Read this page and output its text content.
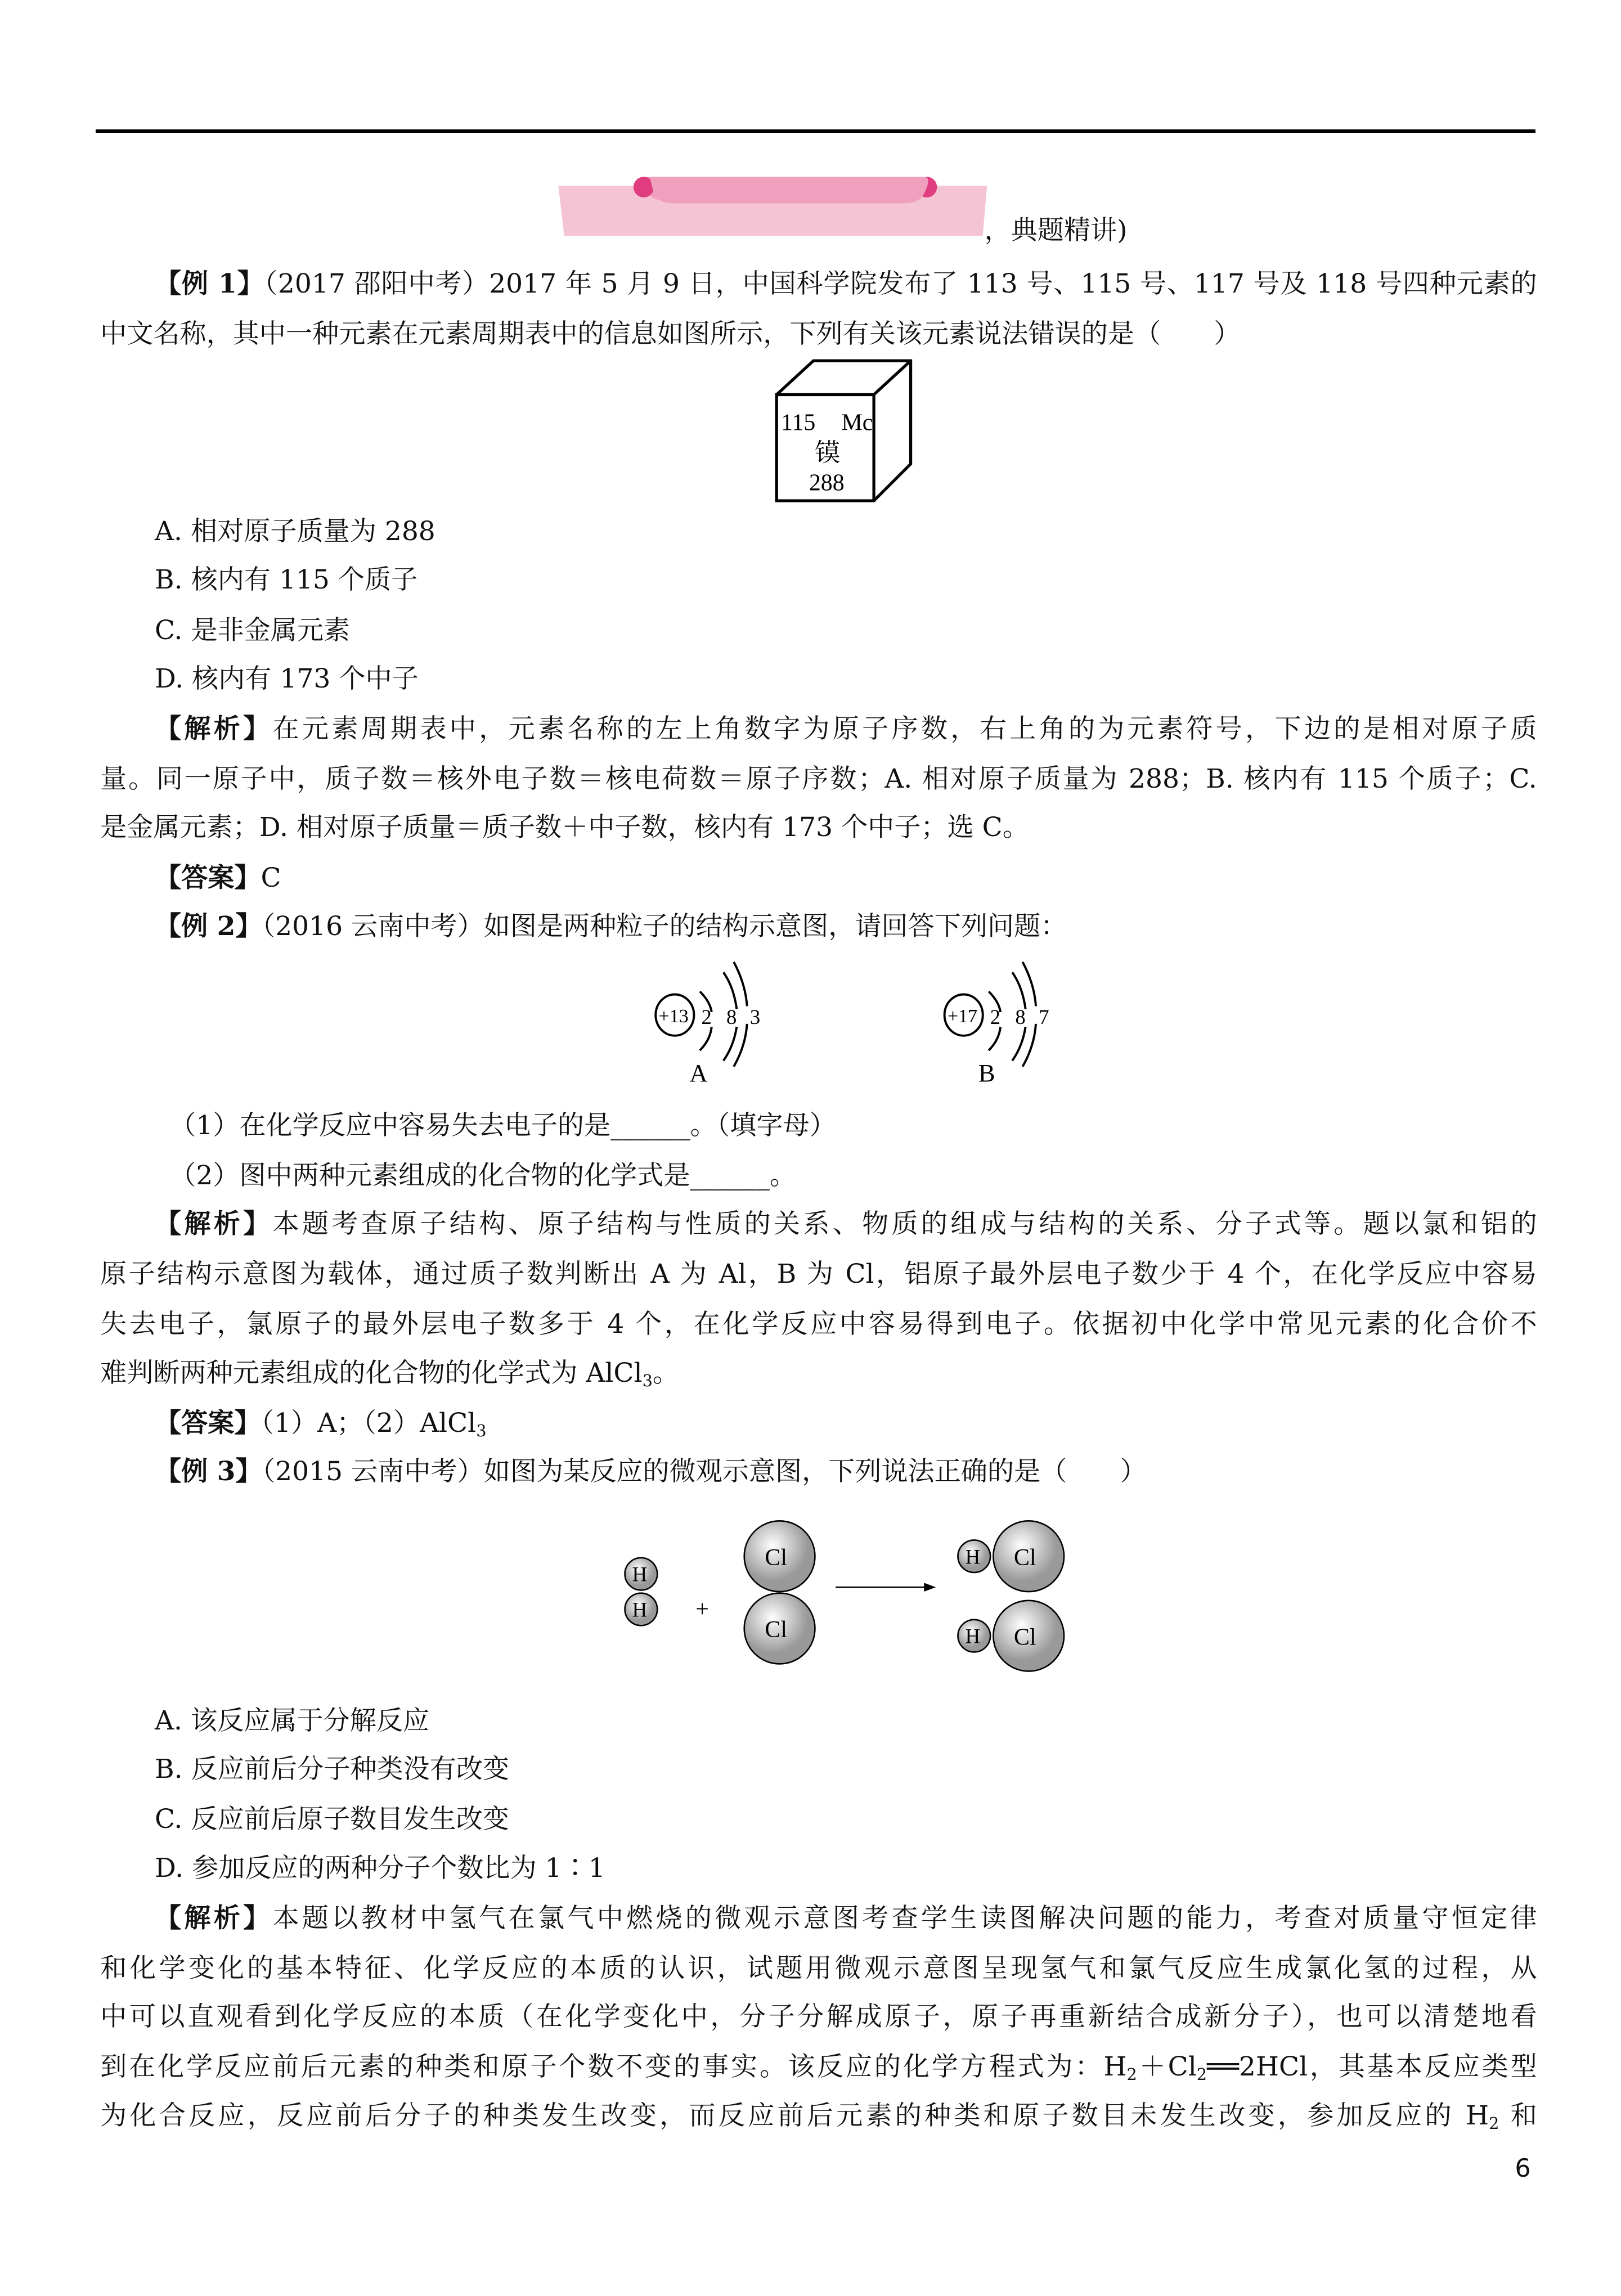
，典题精讲)
【例 1】（2017 邵阳中考）2017 年 5 月 9 日，中国科学院发布了 113 号、115 号、117 号及 118 号四种元素的
中文名称，其中一种元素在元素周期表中的信息如图所示，下列有关该元素说法错误的是（　　）
A. 相对原子质量为 288
B. 核内有 115 个质子
C. 是非金属元素
D. 核内有 173 个中子
【解析】在元素周期表中，元素名称的左上角数字为原子序数，右上角的为元素符号，下边的是相对原子质
量。同一原子中，质子数＝核外电子数＝核电荷数＝原子序数；A. 相对原子质量为 288；B. 核内有 115 个质子；C.
是金属元素；D. 相对原子质量＝质子数＋中子数，核内有 173 个中子；选 C。
【答案】C
【例 2】（2016 云南中考）如图是两种粒子的结构示意图，请回答下列问题：
（1）在化学反应中容易失去电子的是______。（填字母）
（2）图中两种元素组成的化合物的化学式是______。
【解析】本题考查原子结构、原子结构与性质的关系、物质的组成与结构的关系、分子式等。题以氯和铝的
原子结构示意图为载体，通过质子数判断出 A 为 Al，B 为 Cl，铝原子最外层电子数少于 4 个，在化学反应中容易
失去电子，氯原子的最外层电子数多于 4 个，在化学反应中容易得到电子。依据初中化学中常见元素的化合价不
难判断两种元素组成的化合物的化学式为 AlCl$_3$。
【答案】（1）A；（2）AlCl$_3$
【例 3】（2015 云南中考）如图为某反应的微观示意图，下列说法正确的是（　　）
A. 该反应属于分解反应
B. 反应前后分子种类没有改变
C. 反应前后原子数目发生改变
D. 参加反应的两种分子个数比为 1∶1
【解析】本题以教材中氢气在氯气中燃烧的微观示意图考查学生读图解决问题的能力，考查对质量守恒定律
和化学变化的基本特征、化学反应的本质的认识，试题用微观示意图呈现氢气和氯气反应生成氯化氢的过程，从
中可以直观看到化学反应的本质（在化学变化中，分子分解成原子，原子再重新结合成新分子），也可以清楚地看
到在化学反应前后元素的种类和原子个数不变的事实。该反应的化学方程式为：$H_2+Cl_2══2HCl$，其基本反应类型
为化合反应，反应前后分子的种类发生改变，而反应前后元素的种类和原子数目未发生改变，参加反应的 $H_2$ 和
115	Mc
镆
288
+13 2 8 3
A
+17 2 8
B
7
H
H	+
Cl
Cl
H	Cl
H	Cl
6
